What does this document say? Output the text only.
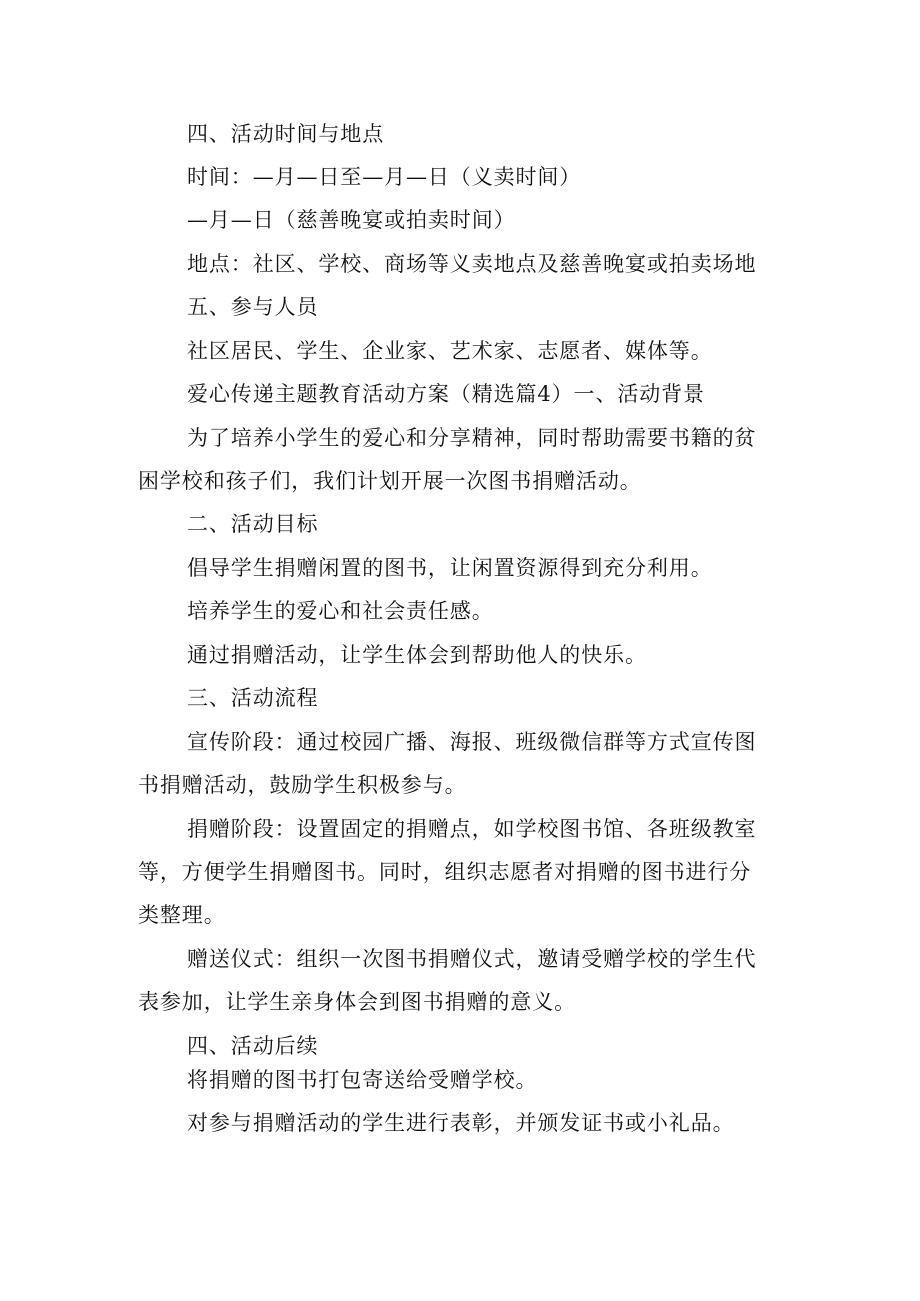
四、活动时间与地点
时间：—月—日至—月—日（义卖时间）
—月—日（慈善晚宴或拍卖时间）
地点：社区、学校、商场等义卖地点及慈善晚宴或拍卖场地
五、参与人员
社区居民、学生、企业家、艺术家、志愿者、媒体等。
爱心传递主题教育活动方案（精选篇4）一、活动背景
为了培养小学生的爱心和分享精神，同时帮助需要书籍的贫
困学校和孩子们，我们计划开展一次图书捐赠活动。
二、活动目标
倡导学生捐赠闲置的图书，让闲置资源得到充分利用。
培养学生的爱心和社会责任感。
通过捐赠活动，让学生体会到帮助他人的快乐。
三、活动流程
宣传阶段：通过校园广播、海报、班级微信群等方式宣传图
书捐赠活动，鼓励学生积极参与。
捐赠阶段：设置固定的捐赠点，如学校图书馆、各班级教室
等，方便学生捐赠图书。同时，组织志愿者对捐赠的图书进行分
类整理。
赠送仪式：组织一次图书捐赠仪式，邀请受赠学校的学生代
表参加，让学生亲身体会到图书捐赠的意义。
四、活动后续
将捐赠的图书打包寄送给受赠学校。
对参与捐赠活动的学生进行表彰，并颁发证书或小礼品。
